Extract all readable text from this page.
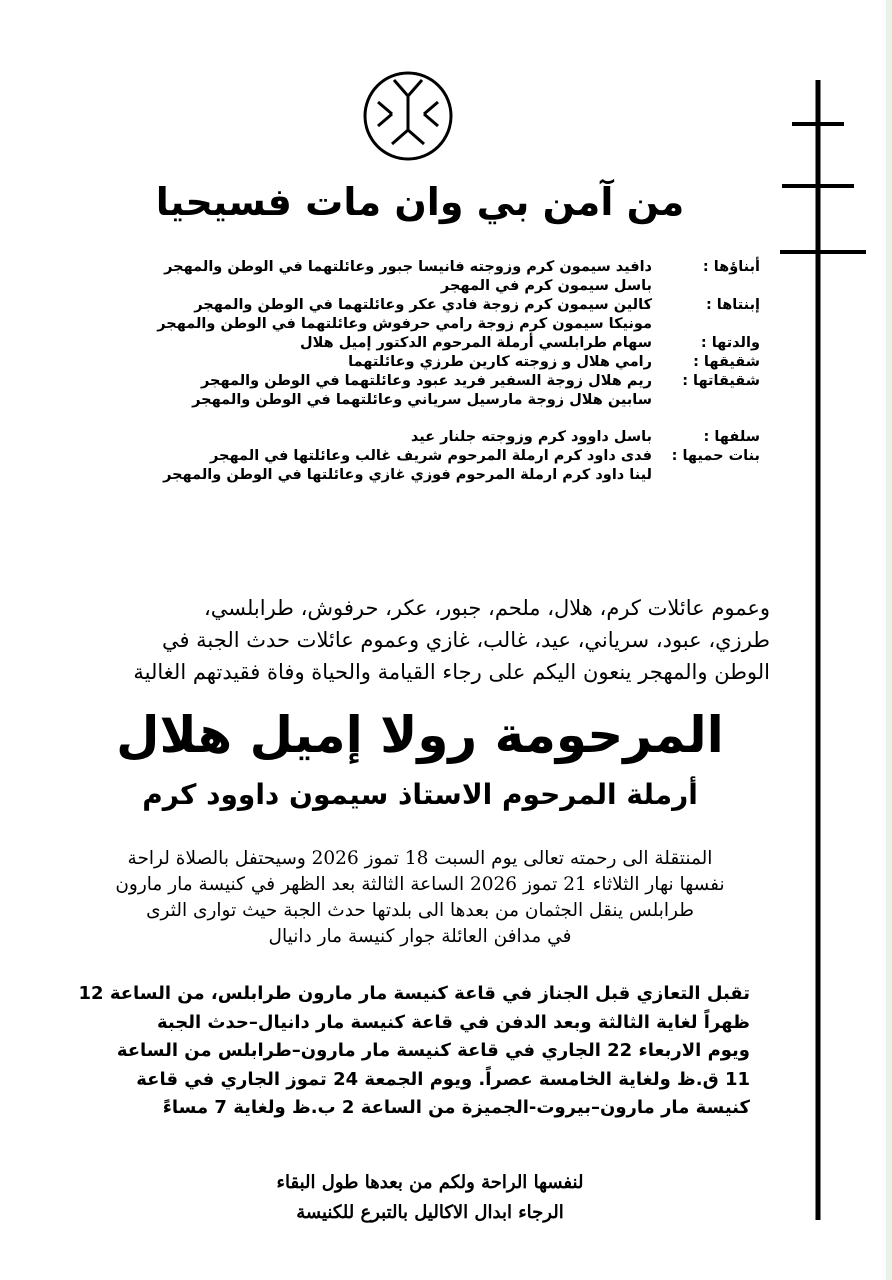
من آمن بي وان مات فسيحيا
أبناؤها :
دافيد سيمون كرم وزوجته فانيسا جبور وعائلتهما في الوطن والمهجر
باسل سيمون كرم في المهجر
إبنتاها :
كالين سيمون كرم زوجة فادي عكر وعائلتهما في الوطن والمهجر
مونيكا سيمون كرم زوجة رامي حرفوش وعائلتهما في الوطن والمهجر
والدتها :
سهام طرابلسي أرملة المرحوم الدكتور إميل هلال
شقيقها :
رامي هلال و زوجته كارين طرزي وعائلتهما
شقيقاتها :
ريم هلال زوجة السفير فريد عبود وعائلتهما في الوطن والمهجر
سابين هلال زوجة مارسيل سرياني وعائلتهما في الوطن والمهجر
سلفها :
باسل داوود كرم وزوجته جلنار عيد
بنات حميها :
فدى داود كرم ارملة المرحوم شريف غالب وعائلتها في المهجر
لينا داود كرم ارملة المرحوم فوزي غازي وعائلتها في الوطن والمهجر
وعموم عائلات كرم، هلال، ملحم، جبور، عكر، حرفوش، طرابلسي،
طرزي، عبود، سرياني، عيد، غالب، غازي وعموم عائلات حدث الجبة في
الوطن والمهجر ينعون اليكم على رجاء القيامة والحياة وفاة فقيدتهم الغالية
المرحومة رولا إميل هلال
أرملة المرحوم الاستاذ سيمون داوود كرم
المنتقلة الى رحمته تعالى يوم السبت 18 تموز 2026 وسيحتفل بالصلاة لراحة
نفسها نهار الثلاثاء 21 تموز 2026 الساعة الثالثة بعد الظهر في كنيسة مار مارون
طرابلس ينقل الجثمان من بعدها الى بلدتها حدث الجبة حيث توارى الثرى
في مدافن العائلة جوار كنيسة مار دانيال
تقبل التعازي قبل الجناز في قاعة كنيسة مار مارون طرابلس، من الساعة 12
ظهراً لغاية الثالثة وبعد الدفن في قاعة كنيسة مار دانيال–حدث الجبة
ويوم الاربعاء 22 الجاري في قاعة كنيسة مار مارون–طرابلس من الساعة
11 ق.ظ ولغاية الخامسة عصراً. ويوم الجمعة 24 تموز الجاري في قاعة
كنيسة مار مارون–بيروت-الجميزة من الساعة 2 ب.ظ ولغاية 7 مساءً
لنفسها الراحة ولكم من بعدها طول البقاء
الرجاء ابدال الاكاليل بالتبرع للكنيسة
